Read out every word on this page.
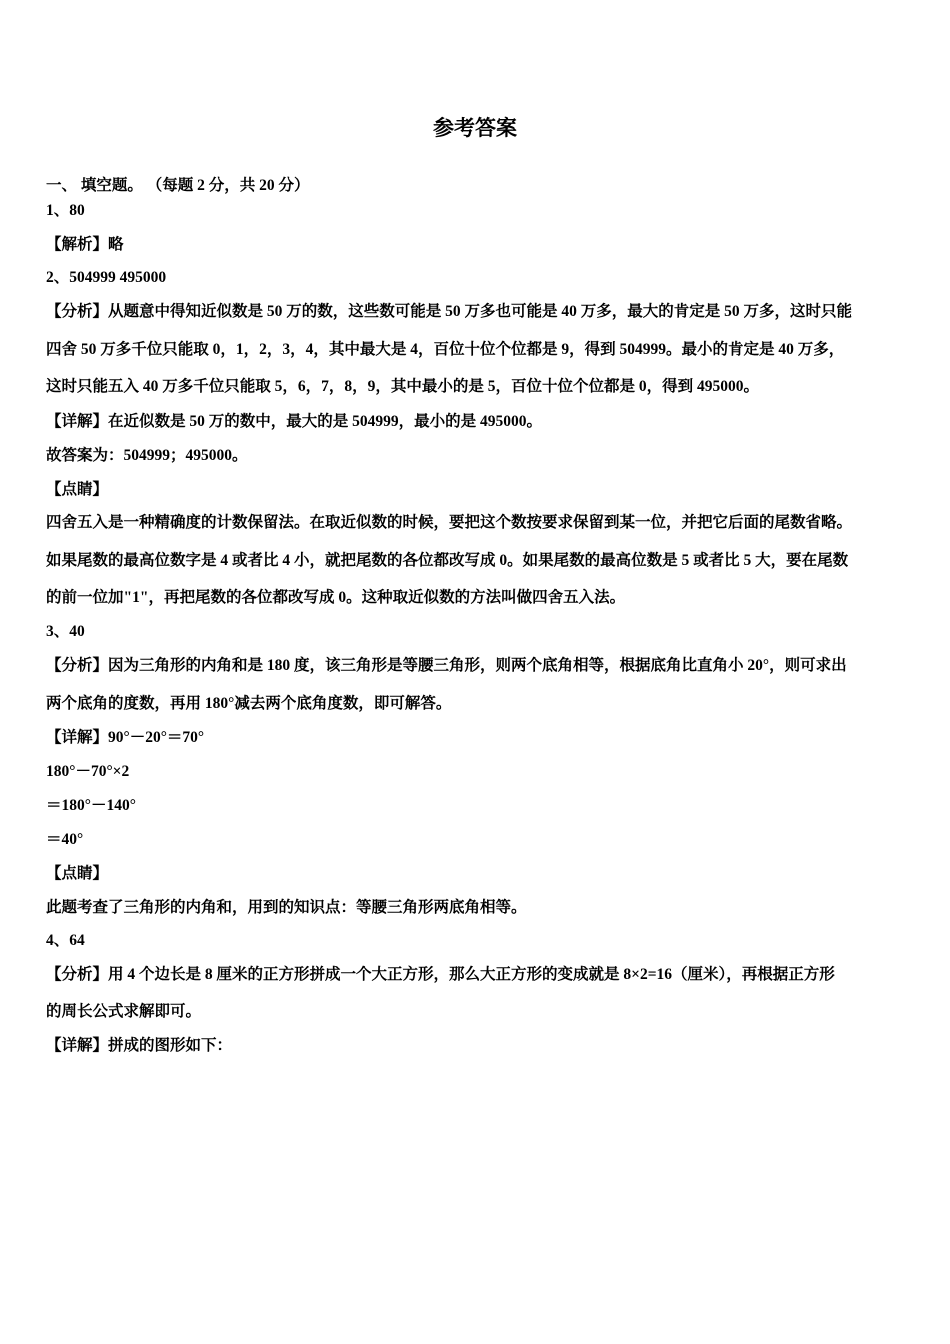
参考答案
一、 填空题。 （每题 2 分，共 20 分）
1、80
【解析】略
2、504999 495000
【分析】从题意中得知近似数是 50 万的数，这些数可能是 50 万多也可能是 40 万多，最大的肯定是 50 万多，这时只能
四舍 50 万多千位只能取 0，1，2，3，4，其中最大是 4，百位十位个位都是 9，得到 504999。最小的肯定是 40 万多，
这时只能五入 40 万多千位只能取 5，6，7，8，9，其中最小的是 5，百位十位个位都是 0，得到 495000。
【详解】在近似数是 50 万的数中，最大的是 504999，最小的是 495000。
故答案为：504999；495000。
【点睛】
四舍五入是一种精确度的计数保留法。在取近似数的时候，要把这个数按要求保留到某一位，并把它后面的尾数省略。
如果尾数的最高位数字是 4 或者比 4 小，就把尾数的各位都改写成 0。如果尾数的最高位数是 5 或者比 5 大，要在尾数
的前一位加"1"，再把尾数的各位都改写成 0。这种取近似数的方法叫做四舍五入法。
3、40
【分析】因为三角形的内角和是 180 度，该三角形是等腰三角形，则两个底角相等，根据底角比直角小 20°，则可求出
两个底角的度数，再用 180°减去两个底角度数，即可解答。
【详解】90°－20°＝70°
180°－70°×2
＝180°－140°
＝40°
【点睛】
此题考查了三角形的内角和，用到的知识点：等腰三角形两底角相等。
4、64
【分析】用 4 个边长是 8 厘米的正方形拼成一个大正方形，那么大正方形的变成就是 8×2=16（厘米），再根据正方形
的周长公式求解即可。
【详解】拼成的图形如下：
